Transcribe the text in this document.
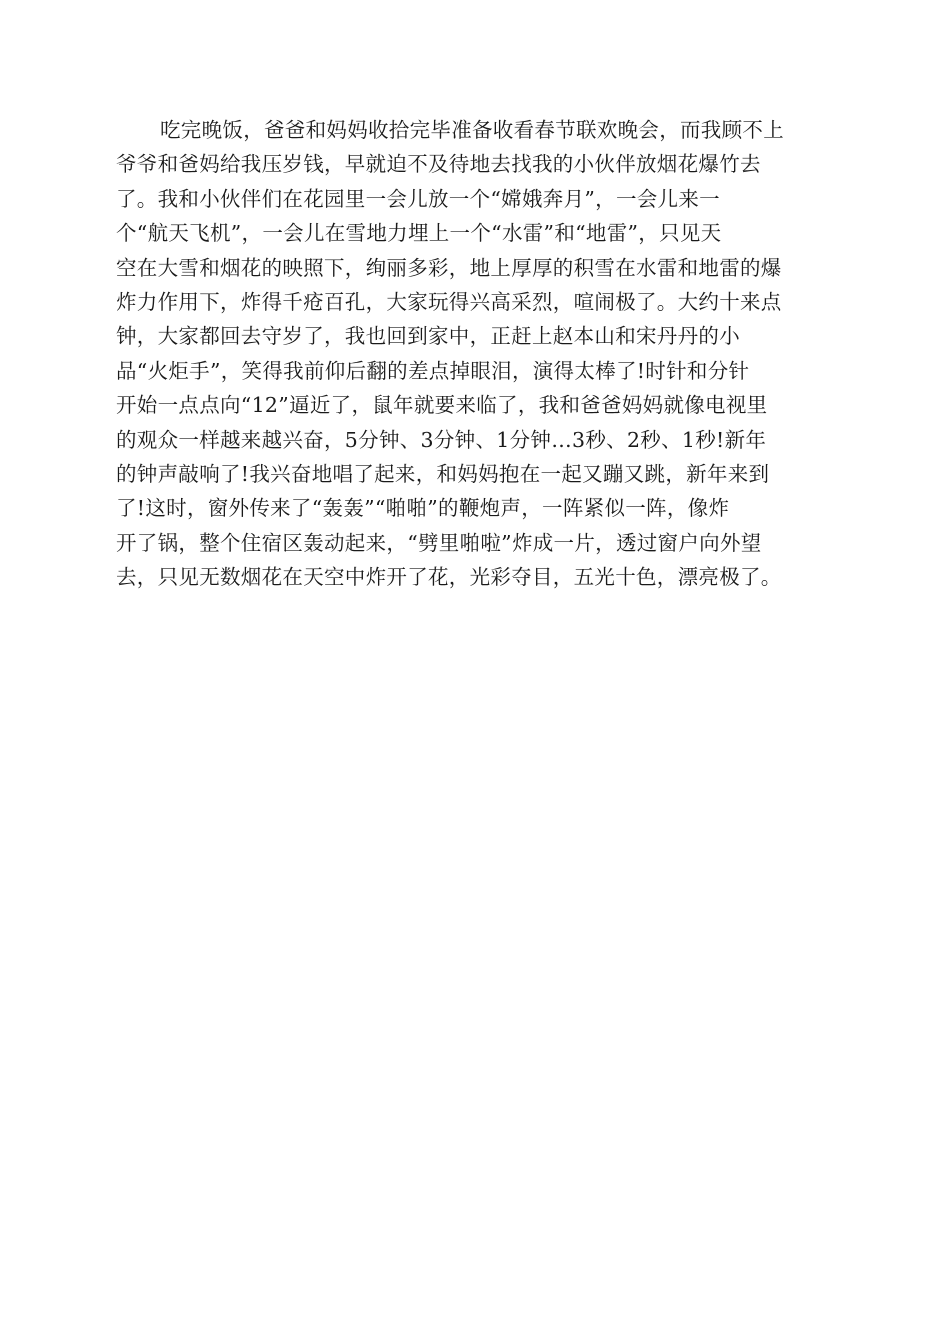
吃完晚饭，爸爸和妈妈收拾完毕准备收看春节联欢晚会，而我顾不上
爷爷和爸妈给我压岁钱，早就迫不及待地去找我的小伙伴放烟花爆竹去
了。我和小伙伴们在花园里一会儿放一个“嫦娥奔月”，一会儿来一
个“航天飞机”，一会儿在雪地力埋上一个“水雷”和“地雷”，只见天
空在大雪和烟花的映照下，绚丽多彩，地上厚厚的积雪在水雷和地雷的爆
炸力作用下，炸得千疮百孔，大家玩得兴高采烈，喧闹极了。大约十来点
钟，大家都回去守岁了，我也回到家中，正赶上赵本山和宋丹丹的小
品“火炬手”，笑得我前仰后翻的差点掉眼泪，演得太棒了!时针和分针
开始一点点向“12”逼近了，鼠年就要来临了，我和爸爸妈妈就像电视里
的观众一样越来越兴奋，5分钟、3分钟、1分钟…3秒、2秒、1秒!新年
的钟声敲响了!我兴奋地唱了起来，和妈妈抱在一起又蹦又跳，新年来到
了!这时，窗外传来了“轰轰”“啪啪”的鞭炮声，一阵紧似一阵，像炸
开了锅，整个住宿区轰动起来，“劈里啪啦”炸成一片，透过窗户向外望
去，只见无数烟花在天空中炸开了花，光彩夺目，五光十色，漂亮极了。
